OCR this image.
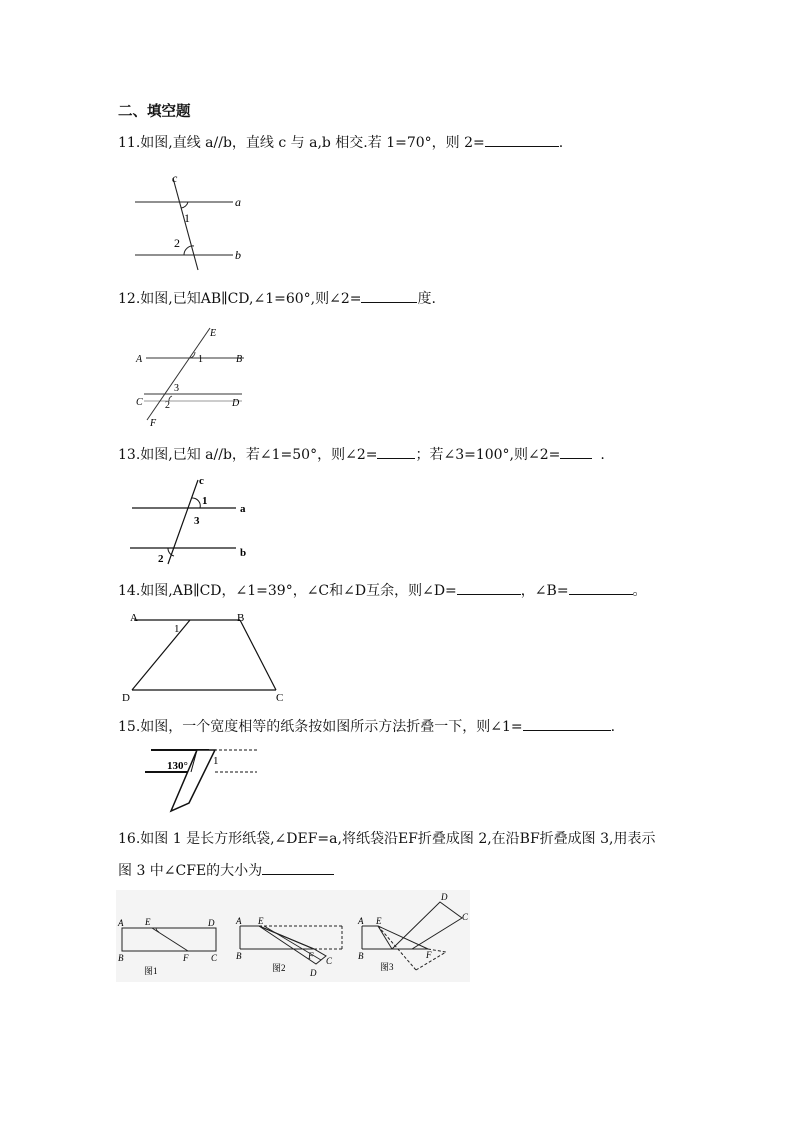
二、填空题
11.如图,直线 a//b，直线 c 与 a,b 相交.若 1=70°，则 2=	.
c
a
b
1
2
12.如图,已知AB∥CD,∠1=60°,则∠2=	度.
E
A	1	B
3
C 2	D
F
13.如图,已知 a//b，若∠1=50°，则∠2=	；若∠3=100°,则∠2=	.
c
1
3
a
2	b
14.如图,AB∥CD，∠1=39°，∠C和∠D互余，则∠D=	，∠B=	。
A	B
1
D	C
15.如图，一个宽度相等的纸条按如图所示方法折叠一下，则∠1=	.
130° 1
16.如图 1 是长方形纸袋,∠DEF=a,将纸袋沿EF折叠成图 2,在沿BF折叠成图 3,用表示
图 3 中∠CFE的大小为
A E	D
B	F	C
图1
A E
B	F C
D
图2
A E
D
C
B	F
图3
